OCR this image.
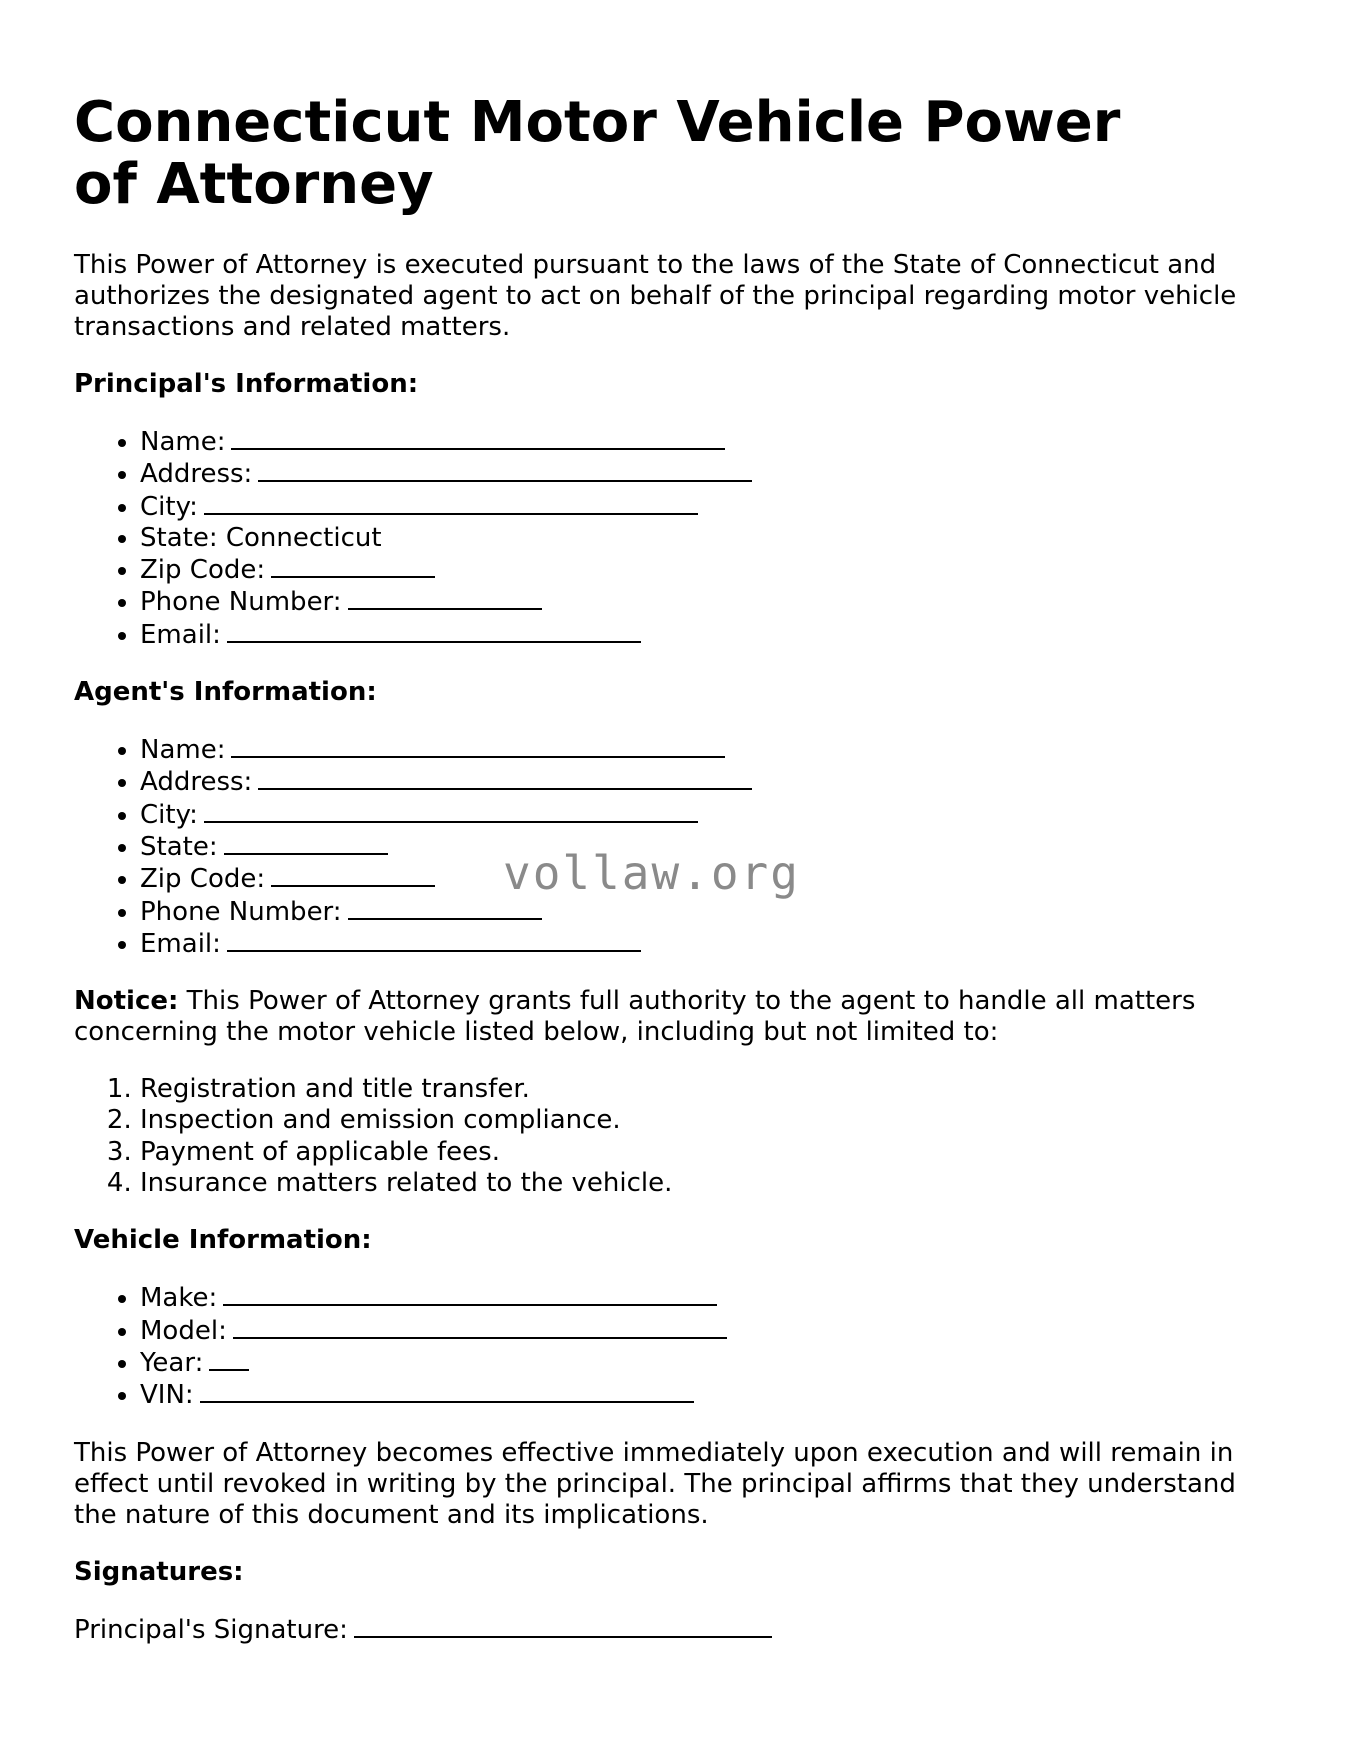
Connecticut Motor Vehicle Power of Attorney

This Power of Attorney is executed pursuant to the laws of the State of Connecticut and authorizes the designated agent to act on behalf of the principal regarding motor vehicle transactions and related matters.

Principal's Information:

• Name:
• Address:
• City:
• State: Connecticut
• Zip Code:
• Phone Number:
• Email:

Agent's Information:

• Name:
• Address:
• City:
• State:
• Zip Code:
• Phone Number:
• Email:

Notice: This Power of Attorney grants full authority to the agent to handle all matters concerning the motor vehicle listed below, including but not limited to:

1. Registration and title transfer.
2. Inspection and emission compliance.
3. Payment of applicable fees.
4. Insurance matters related to the vehicle.

Vehicle Information:

• Make:
• Model:
• Year:
• VIN:

This Power of Attorney becomes effective immediately upon execution and will remain in effect until revoked in writing by the principal. The principal affirms that they understand the nature of this document and its implications.

Signatures:

Principal's Signature:

vollaw.org
